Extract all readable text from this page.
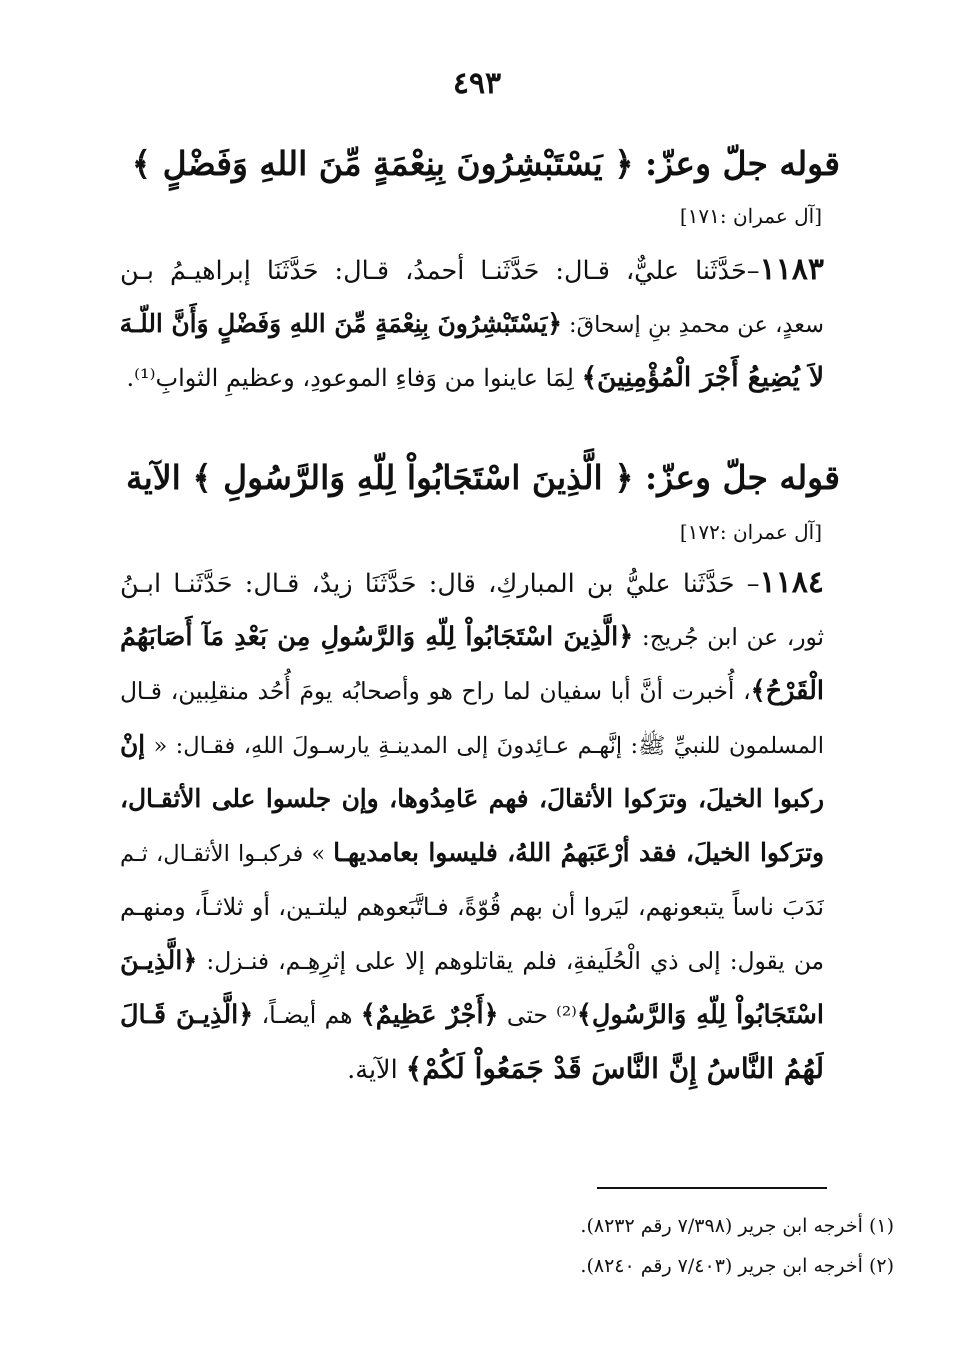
٤٩٣
قوله جلّ وعزّ: ﴿ يَسْتَبْشِرُونَ بِنِعْمَةٍ مِّنَ اللهِ وَفَضْلٍ ﴾
[آل عمران :١٧١]
١١٨٣–حَدَّثَنا عليٌّ، قـال: حَدَّثَنـا أحمدُ، قـال: حَدَّثَنَا إبراهيـمُ بـن
سعدٍ، عن محمدِ بنِ إسحاقَ: ﴿يَسْتَبْشِرُونَ بِنِعْمَةٍ مِّنَ اللهِ وَفَضْلٍ وَأَنَّ اللّـهَ
لاَ يُضِيعُ أَجْرَ الْمُؤْمِنِينَ﴾ لِمَا عاينوا من وَفاءِ الموعودِ، وعظيمِ الثوابِ⁽¹⁾.
قوله جلّ وعزّ: ﴿ الَّذِينَ اسْتَجَابُواْ لِلّهِ وَالرَّسُولِ ﴾ الآية
[آل عمران :١٧٢]
١١٨٤– حَدَّثَنا عليُّ بن المباركِ، قال: حَدَّثَنَا زيدٌ، قـال: حَدَّثَنـا ابـنُ
ثور، عن ابن جُريج: ﴿الَّذِينَ اسْتَجَابُواْ لِلّهِ وَالرَّسُولِ مِن بَعْدِ مَآ أَصَابَهُمُ
الْقَرْحُ﴾، أُخبرت أنَّ أبا سفيان لما راح هو وأصحابُه يومَ أُحُد منقلِبين، قـال
المسلمون للنبيِّ ﷺ: إنَّهـم عـائِدونَ إلى المدينـةِ يارسـولَ اللهِ، فقـال: « إنْ
ركبوا الخيلَ، وترَكوا الأثقالَ، فهم عَامِدُوها، وإن جلسوا على الأثقـال،
وترَكوا الخيلَ، فقد أرْعَبَهمُ اللهُ، فليسوا بعامديهـا » فركبـوا الأثقـال، ثـم
نَدَبَ ناساً يتبعونهم، ليَروا أن بهم قُوّةً، فـاتَّبَعوهم ليلتـين، أو ثلاثـاً، ومنهـم
من يقول: إلى ذي الْحُلَيفةِ، فلم يقاتلوهم إلا على إثرِهِـم، فنـزل: ﴿الَّذِيـنَ
اسْتَجَابُواْ لِلّهِ وَالرَّسُولِ﴾⁽²⁾ حتى ﴿أَجْرٌ عَظِيمٌ﴾ هم أيضـاً، ﴿الَّذِيـنَ قَـالَ
لَهُمُ النَّاسُ إِنَّ النَّاسَ قَدْ جَمَعُواْ لَكُمْ﴾ الآية.
(١) أخرجه ابن جرير (٧/٣٩٨ رقم ٨٢٣٢).
(٢) أخرجه ابن جرير (٧/٤٠٣ رقم ٨٢٤٠).
